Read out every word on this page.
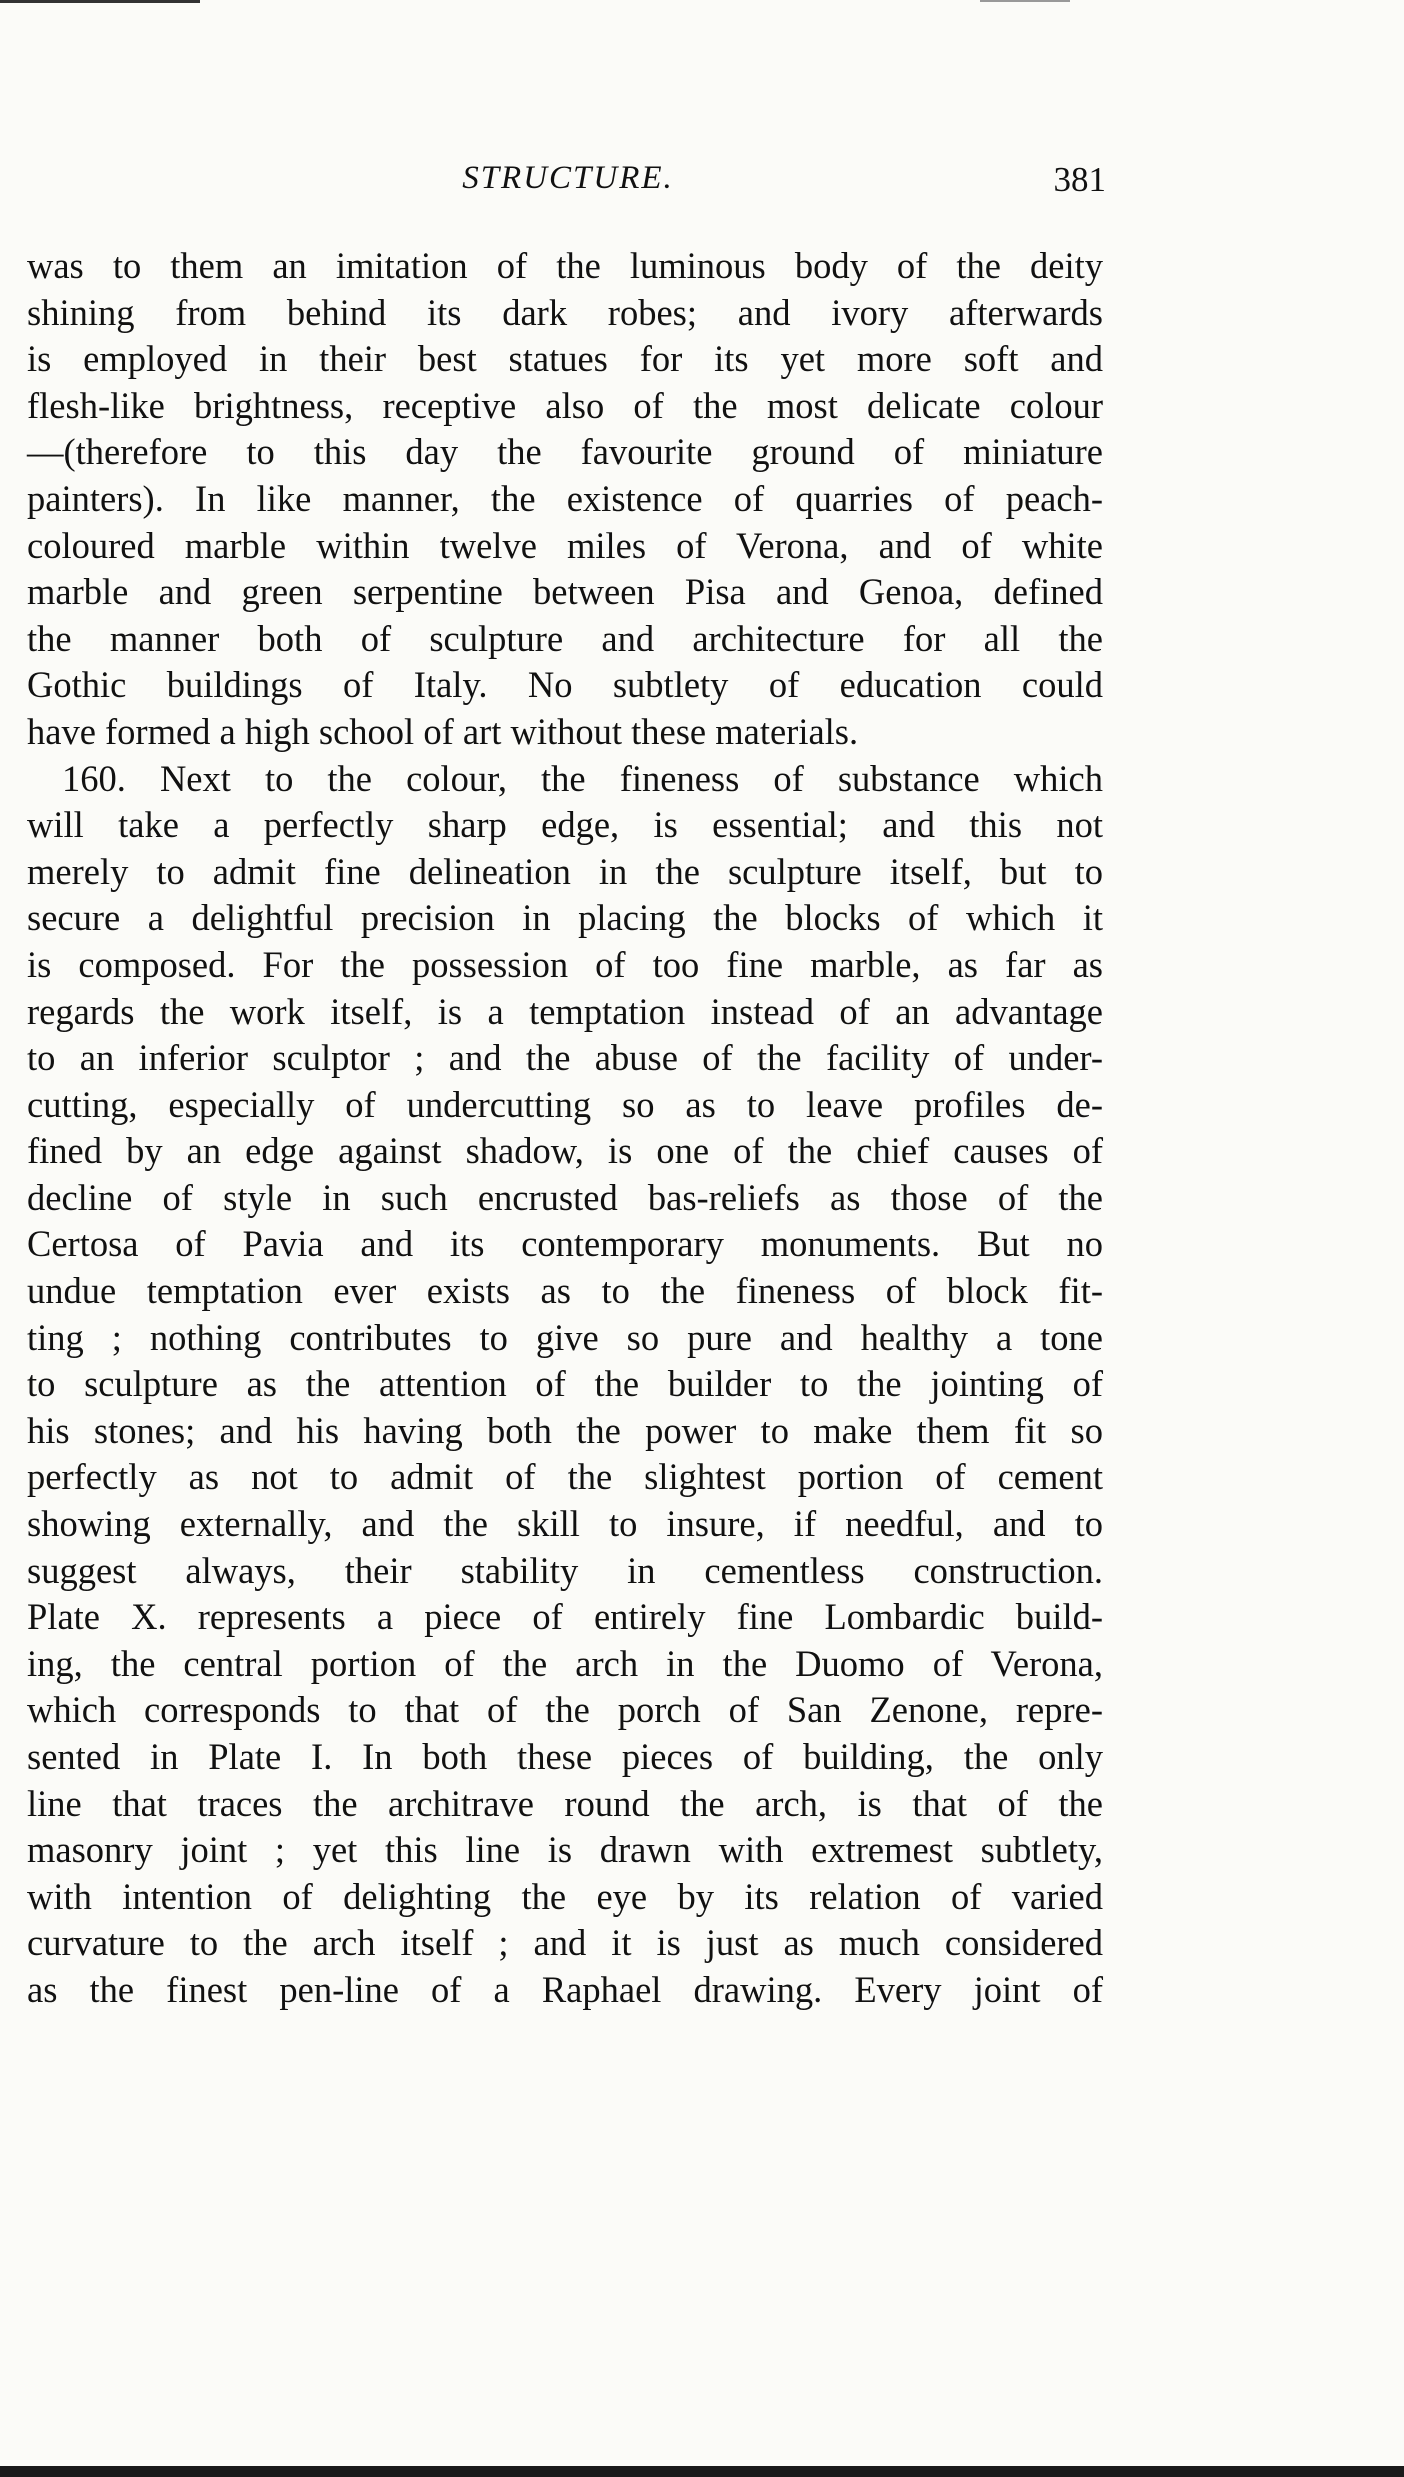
STRUCTURE.	381
was to them an imitation of the luminous body of the deity
shining from behind its dark robes; and ivory afterwards
is employed in their best statues for its yet more soft and
flesh-like brightness, receptive also of the most delicate colour
—(therefore to this day the favourite ground of miniature
painters). In like manner, the existence of quarries of peach-
coloured marble within twelve miles of Verona, and of white
marble and green serpentine between Pisa and Genoa, defined
the manner both of sculpture and architecture for all the
Gothic buildings of Italy. No subtlety of education could
have formed a high school of art without these materials.
160. Next to the colour, the fineness of substance which
will take a perfectly sharp edge, is essential; and this not
merely to admit fine delineation in the sculpture itself, but to
secure a delightful precision in placing the blocks of which it
is composed. For the possession of too fine marble, as far as
regards the work itself, is a temptation instead of an advantage
to an inferior sculptor ; and the abuse of the facility of under-
cutting, especially of undercutting so as to leave profiles de-
fined by an edge against shadow, is one of the chief causes of
decline of style in such encrusted bas-reliefs as those of the
Certosa of Pavia and its contemporary monuments. But no
undue temptation ever exists as to the fineness of block fit-
ting ; nothing contributes to give so pure and healthy a tone
to sculpture as the attention of the builder to the jointing of
his stones; and his having both the power to make them fit so
perfectly as not to admit of the slightest portion of cement
showing externally, and the skill to insure, if needful, and to
suggest always, their stability in cementless construction.
Plate X. represents a piece of entirely fine Lombardic build-
ing, the central portion of the arch in the Duomo of Verona,
which corresponds to that of the porch of San Zenone, repre-
sented in Plate I. In both these pieces of building, the only
line that traces the architrave round the arch, is that of the
masonry joint ; yet this line is drawn with extremest subtlety,
with intention of delighting the eye by its relation of varied
curvature to the arch itself ; and it is just as much considered
as the finest pen-line of a Raphael drawing. Every joint of
